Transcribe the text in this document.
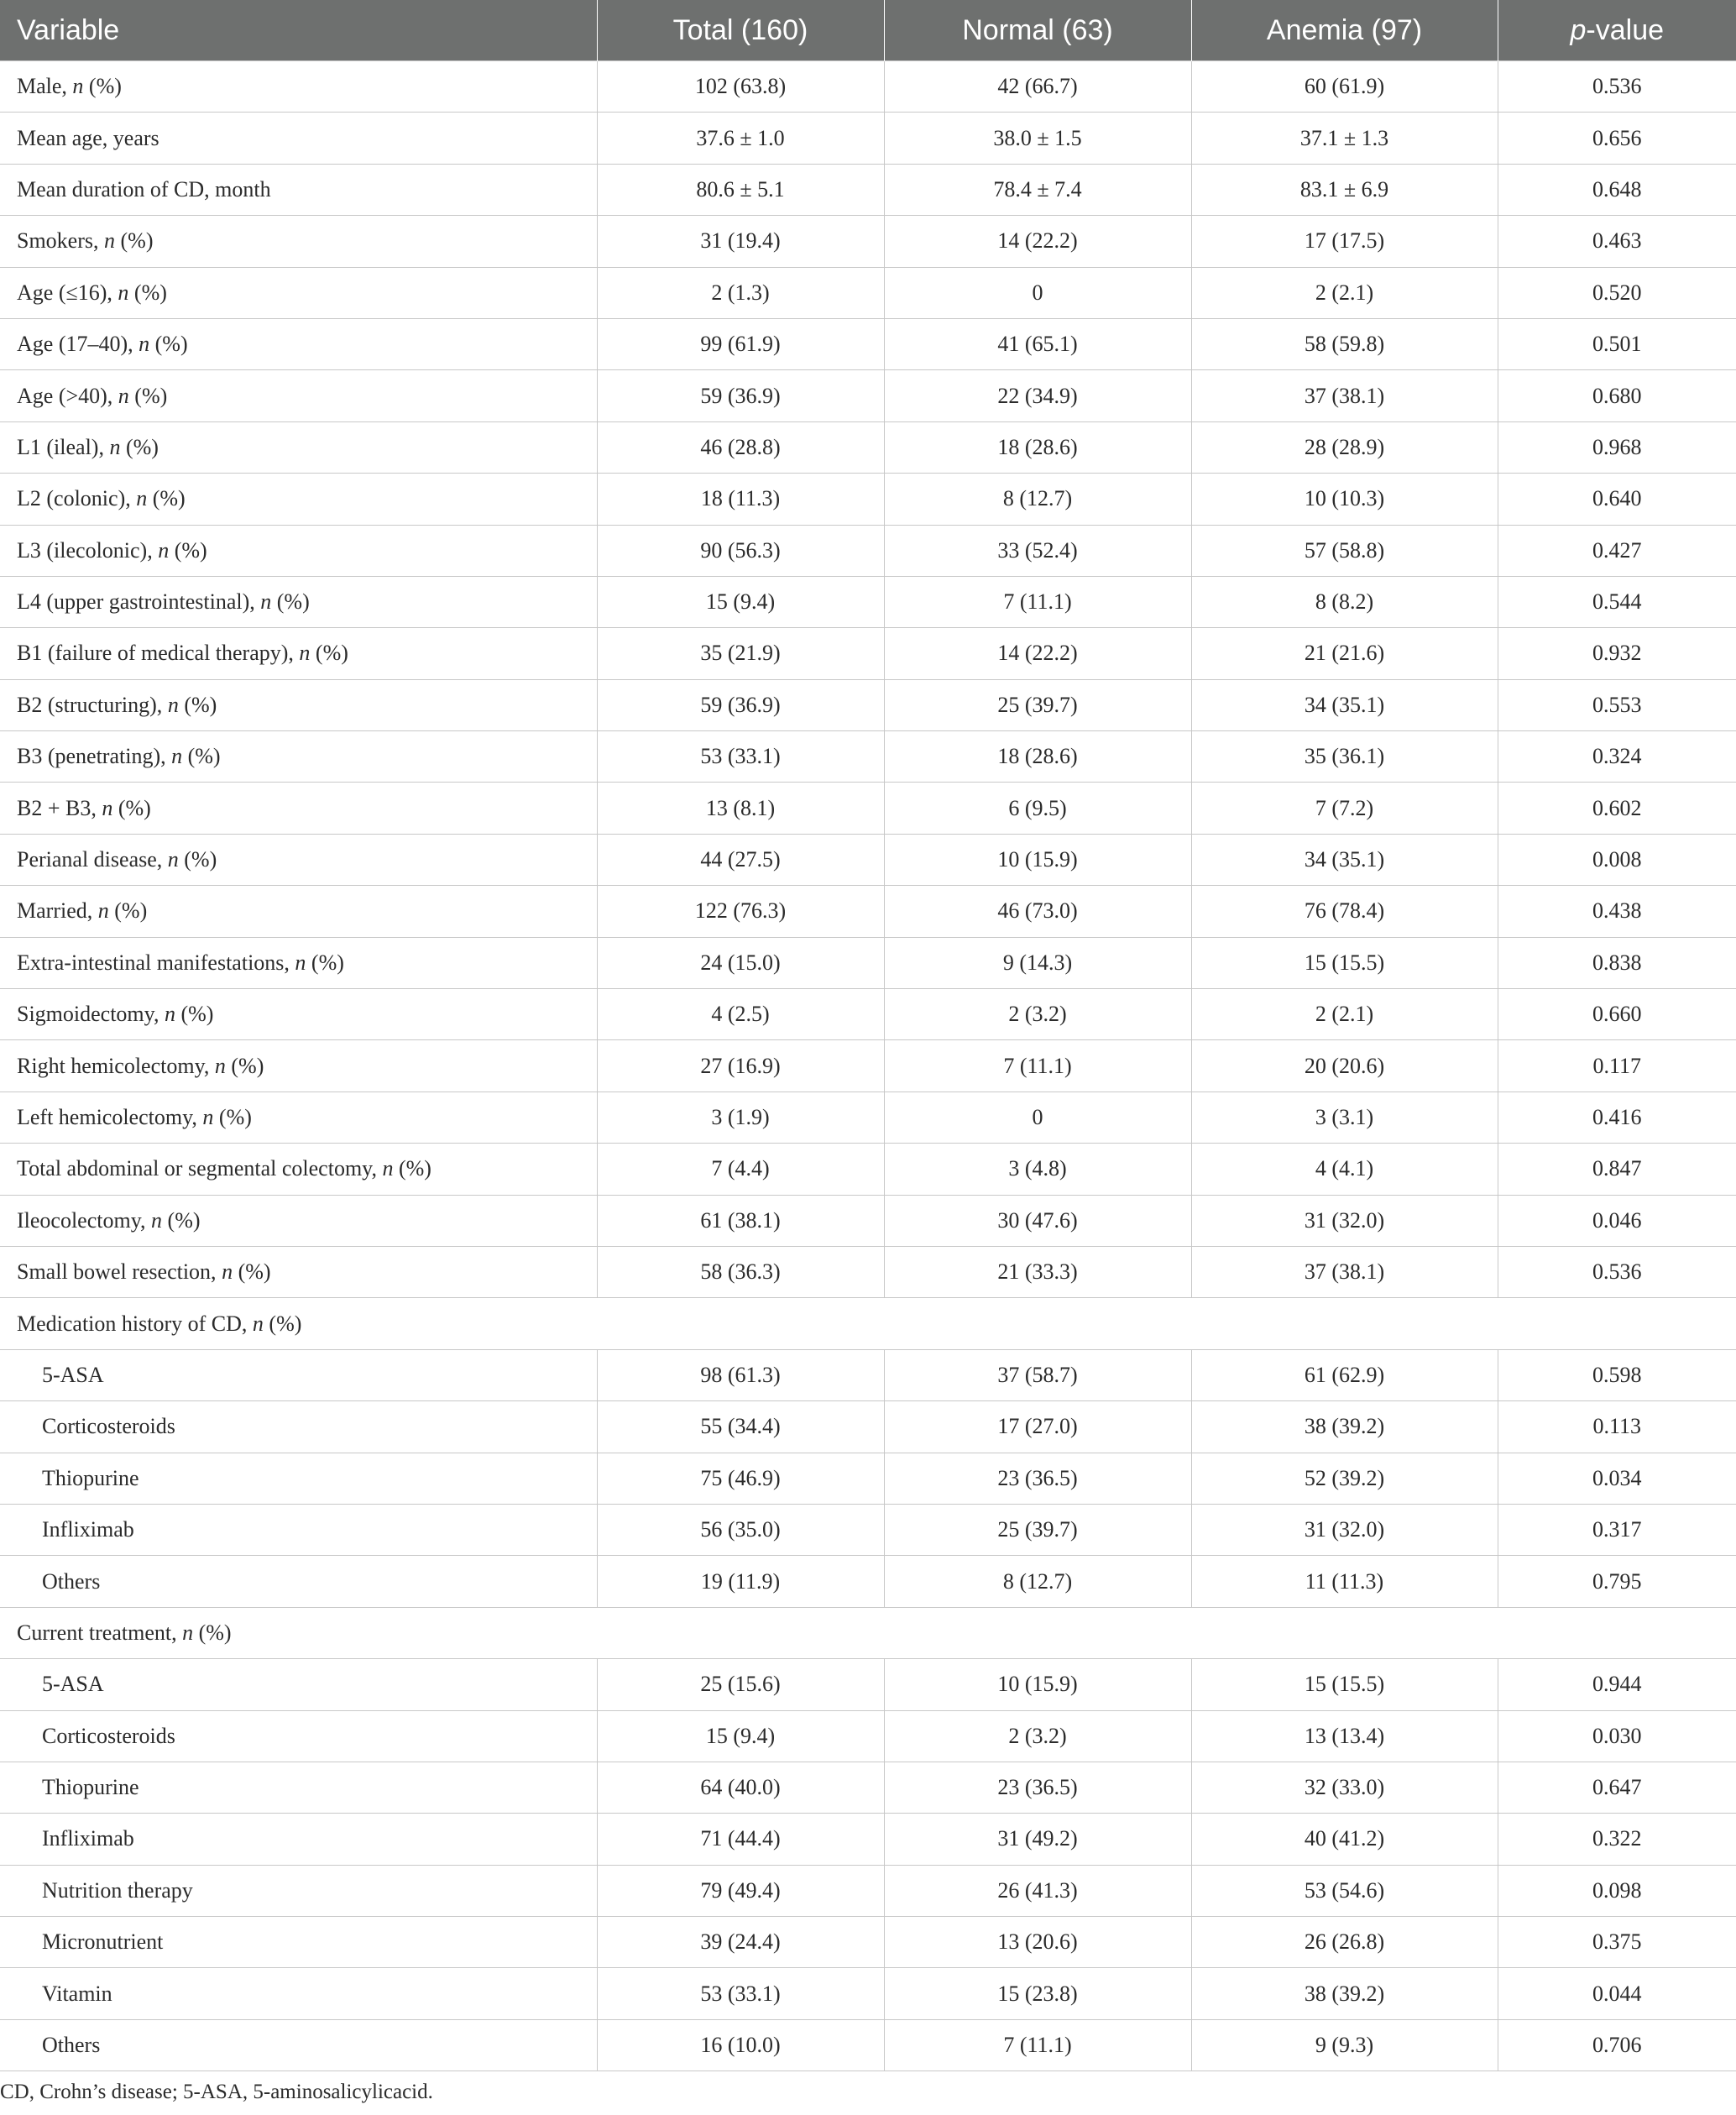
Variable	Total (160)	Normal (63)	Anemia (97)	p-value
Male, n (%)	102 (63.8)	42 (66.7)	60 (61.9)	0.536
Mean age, years	37.6 ± 1.0	38.0 ± 1.5	37.1 ± 1.3	0.656
Mean duration of CD, month	80.6 ± 5.1	78.4 ± 7.4	83.1 ± 6.9	0.648
Smokers, n (%)	31 (19.4)	14 (22.2)	17 (17.5)	0.463
Age (≤16), n (%)	2 (1.3)	0	2 (2.1)	0.520
Age (17–40), n (%)	99 (61.9)	41 (65.1)	58 (59.8)	0.501
Age (>40), n (%)	59 (36.9)	22 (34.9)	37 (38.1)	0.680
L1 (ileal), n (%)	46 (28.8)	18 (28.6)	28 (28.9)	0.968
L2 (colonic), n (%)	18 (11.3)	8 (12.7)	10 (10.3)	0.640
L3 (ilecolonic), n (%)	90 (56.3)	33 (52.4)	57 (58.8)	0.427
L4 (upper gastrointestinal), n (%)	15 (9.4)	7 (11.1)	8 (8.2)	0.544
B1 (failure of medical therapy), n (%)	35 (21.9)	14 (22.2)	21 (21.6)	0.932
B2 (structuring), n (%)	59 (36.9)	25 (39.7)	34 (35.1)	0.553
B3 (penetrating), n (%)	53 (33.1)	18 (28.6)	35 (36.1)	0.324
B2 + B3, n (%)	13 (8.1)	6 (9.5)	7 (7.2)	0.602
Perianal disease, n (%)	44 (27.5)	10 (15.9)	34 (35.1)	0.008
Married, n (%)	122 (76.3)	46 (73.0)	76 (78.4)	0.438
Extra-intestinal manifestations, n (%)	24 (15.0)	9 (14.3)	15 (15.5)	0.838
Sigmoidectomy, n (%)	4 (2.5)	2 (3.2)	2 (2.1)	0.660
Right hemicolectomy, n (%)	27 (16.9)	7 (11.1)	20 (20.6)	0.117
Left hemicolectomy, n (%)	3 (1.9)	0	3 (3.1)	0.416
Total abdominal or segmental colectomy, n (%)	7 (4.4)	3 (4.8)	4 (4.1)	0.847
Ileocolectomy, n (%)	61 (38.1)	30 (47.6)	31 (32.0)	0.046
Small bowel resection, n (%)	58 (36.3)	21 (33.3)	37 (38.1)	0.536
Medication history of CD, n (%)				
5-ASA	98 (61.3)	37 (58.7)	61 (62.9)	0.598
Corticosteroids	55 (34.4)	17 (27.0)	38 (39.2)	0.113
Thiopurine	75 (46.9)	23 (36.5)	52 (39.2)	0.034
Infliximab	56 (35.0)	25 (39.7)	31 (32.0)	0.317
Others	19 (11.9)	8 (12.7)	11 (11.3)	0.795
Current treatment, n (%)				
5-ASA	25 (15.6)	10 (15.9)	15 (15.5)	0.944
Corticosteroids	15 (9.4)	2 (3.2)	13 (13.4)	0.030
Thiopurine	64 (40.0)	23 (36.5)	32 (33.0)	0.647
Infliximab	71 (44.4)	31 (49.2)	40 (41.2)	0.322
Nutrition therapy	79 (49.4)	26 (41.3)	53 (54.6)	0.098
Micronutrient	39 (24.4)	13 (20.6)	26 (26.8)	0.375
Vitamin	53 (33.1)	15 (23.8)	38 (39.2)	0.044
Others	16 (10.0)	7 (11.1)	9 (9.3)	0.706
CD, Crohn’s disease; 5-ASA, 5-aminosalicylicacid.
